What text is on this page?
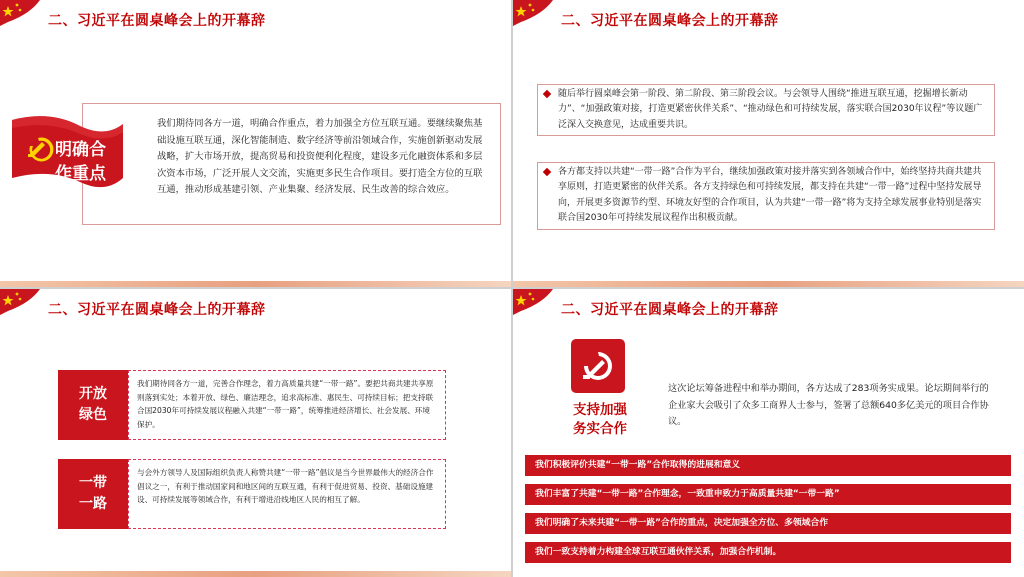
二、习近平在圆桌峰会上的开幕辞
我们期待同各方一道，明确合作重点，着力加强全方位互联互通。要继续聚焦基础设施互联互通，深化智能制造、数字经济等前沿领域合作，实施创新驱动发展战略，扩大市场开放，提高贸易和投资便利化程度，建设多元化融资体系和多层次资本市场，广泛开展人文交流，实施更多民生合作项目。要打造全方位的互联互通，推动形成基建引领、产业集聚、经济发展、民生改善的综合效应。
明确合
作重点
二、习近平在圆桌峰会上的开幕辞
随后举行圆桌峰会第一阶段、第二阶段、第三阶段会议。与会领导人围绕“推进互联互通，挖掘增长新动力”、“加强政策对接，打造更紧密伙伴关系”、“推动绿色和可持续发展，落实联合国2030年议程”等议题广泛深入交换意见，达成重要共识。
各方都支持以共建“一带一路”合作为平台，继续加强政策对接并落实到各领域合作中，始终坚持共商共建共享原则，打造更紧密的伙伴关系。各方支持绿色和可持续发展，都支持在共建“一带一路”过程中坚持发展导向，开展更多资源节约型、环境友好型的合作项目，认为共建“一带一路”将为支持全球发展事业特别是落实联合国2030年可持续发展议程作出积极贡献。
二、习近平在圆桌峰会上的开幕辞
开放
绿色
我们期待同各方一道，完善合作理念，着力高质量共建“一带一路”。要把共商共建共享原则落到实处；本着开放、绿色、廉洁理念，追求高标准、惠民生、可持续目标；把支持联合国2030年可持续发展议程融入共建“一带一路”，统筹推进经济增长、社会发展、环境保护。
一带
一路
与会外方领导人及国际组织负责人称赞共建“一带一路”倡议是当今世界最伟大的经济合作倡议之一，有利于推动国家间和地区间的互联互通，有利于促进贸易、投资、基础设施建设、可持续发展等领域合作，有利于增进沿线地区人民的相互了解。
二、习近平在圆桌峰会上的开幕辞
支持加强
务实合作
这次论坛筹备进程中和举办期间，各方达成了283项务实成果。论坛期间举行的企业家大会吸引了众多工商界人士参与，签署了总额640多亿美元的项目合作协议。
我们积极评价共建“一带一路”合作取得的进展和意义
我们丰富了共建“一带一路”合作理念，一致重申致力于高质量共建“一带一路”
我们明确了未来共建“一带一路”合作的重点，决定加强全方位、多领域合作
我们一致支持着力构建全球互联互通伙伴关系，加强合作机制。
